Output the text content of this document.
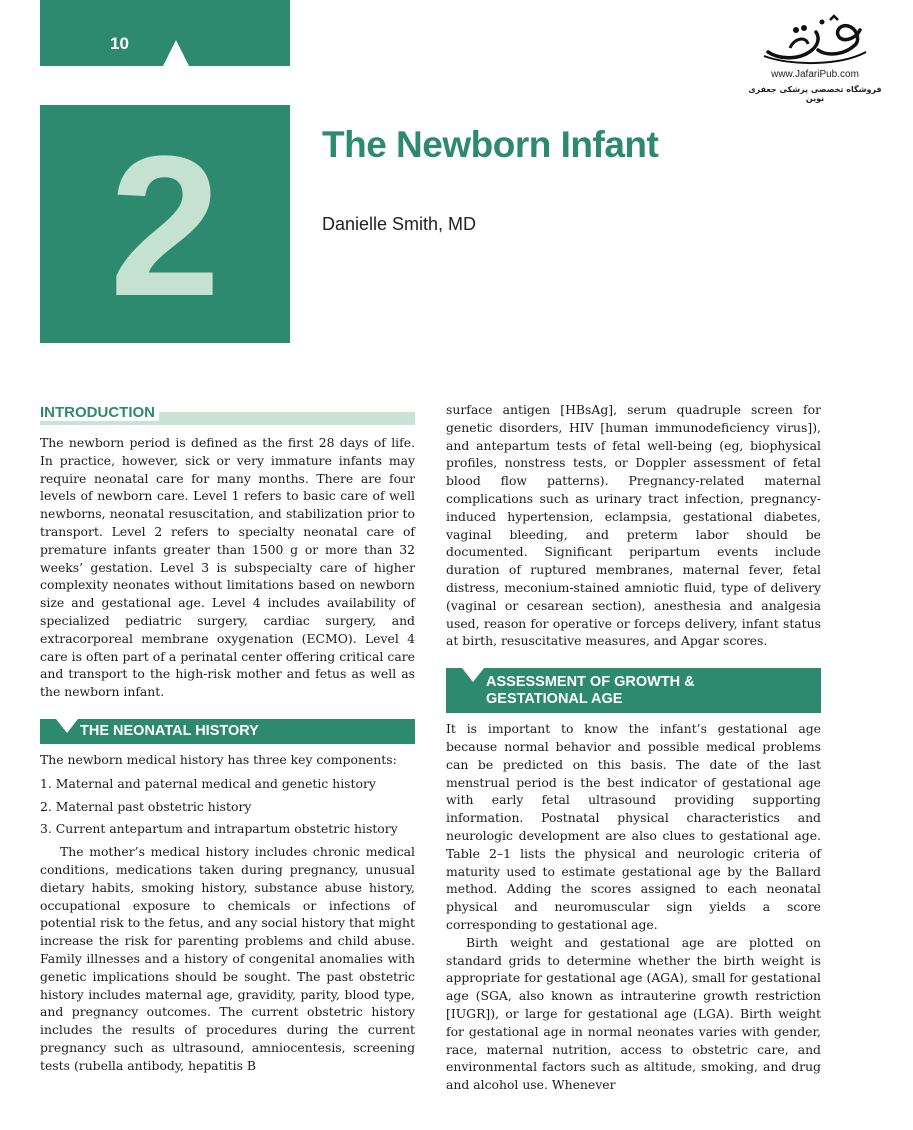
10
2	The Newborn Infant
Danielle Smith, MD
www.JafariPub.com
فروشگاه تخصصی پزشکی جعفری نوین
INTRODUCTION

The newborn period is defined as the first 28 days of life. In practice, however, sick or very immature infants may require neonatal care for many months. There are four levels of newborn care. Level 1 refers to basic care of well newborns, neonatal resuscitation, and stabilization prior to transport. Level 2 refers to specialty neonatal care of premature infants greater than 1500 g or more than 32 weeks’ gestation. Level 3 is subspecialty care of higher complexity neonates without limitations based on newborn size and gestational age. Level 4 includes availability of specialized pediatric surgery, cardiac surgery, and extracorporeal membrane oxygenation (ECMO). Level 4 care is often part of a perinatal center offering critical care and transport to the high-risk mother and fetus as well as the newborn infant.

THE NEONATAL HISTORY

The newborn medical history has three key components:

1. Maternal and paternal medical and genetic history
2. Maternal past obstetric history
3. Current antepartum and intrapartum obstetric history

The mother’s medical history includes chronic medical conditions, medications taken during pregnancy, unusual dietary habits, smoking history, substance abuse history, occupational exposure to chemicals or infections of potential risk to the fetus, and any social history that might increase the risk for parenting problems and child abuse. Family illnesses and a history of congenital anomalies with genetic implications should be sought. The past obstetric history includes maternal age, gravidity, parity, blood type, and pregnancy outcomes. The current obstetric history includes the results of procedures during the current pregnancy such as ultrasound, amniocentesis, screening tests (rubella antibody, hepatitis B

surface antigen [HBsAg], serum quadruple screen for genetic disorders, HIV [human immunodeficiency virus]), and antepartum tests of fetal well-being (eg, biophysical profiles, nonstress tests, or Doppler assessment of fetal blood flow patterns). Pregnancy-related maternal complications such as urinary tract infection, pregnancy-induced hypertension, eclampsia, gestational diabetes, vaginal bleeding, and preterm labor should be documented. Significant peripartum events include duration of ruptured membranes, maternal fever, fetal distress, meconium-stained amniotic fluid, type of delivery (vaginal or cesarean section), anesthesia and analgesia used, reason for operative or forceps delivery, infant status at birth, resuscitative measures, and Apgar scores.

ASSESSMENT OF GROWTH &
GESTATIONAL AGE

It is important to know the infant’s gestational age because normal behavior and possible medical problems can be predicted on this basis. The date of the last menstrual period is the best indicator of gestational age with early fetal ultrasound providing supporting information. Postnatal physical characteristics and neurologic development are also clues to gestational age. Table 2–1 lists the physical and neurologic criteria of maturity used to estimate gestational age by the Ballard method. Adding the scores assigned to each neonatal physical and neuromuscular sign yields a score corresponding to gestational age.

Birth weight and gestational age are plotted on standard grids to determine whether the birth weight is appropriate for gestational age (AGA), small for gestational age (SGA, also known as intrauterine growth restriction [IUGR]), or large for gestational age (LGA). Birth weight for gestational age in normal neonates varies with gender, race, maternal nutrition, access to obstetric care, and environmental factors such as altitude, smoking, and drug and alcohol use. Whenever
